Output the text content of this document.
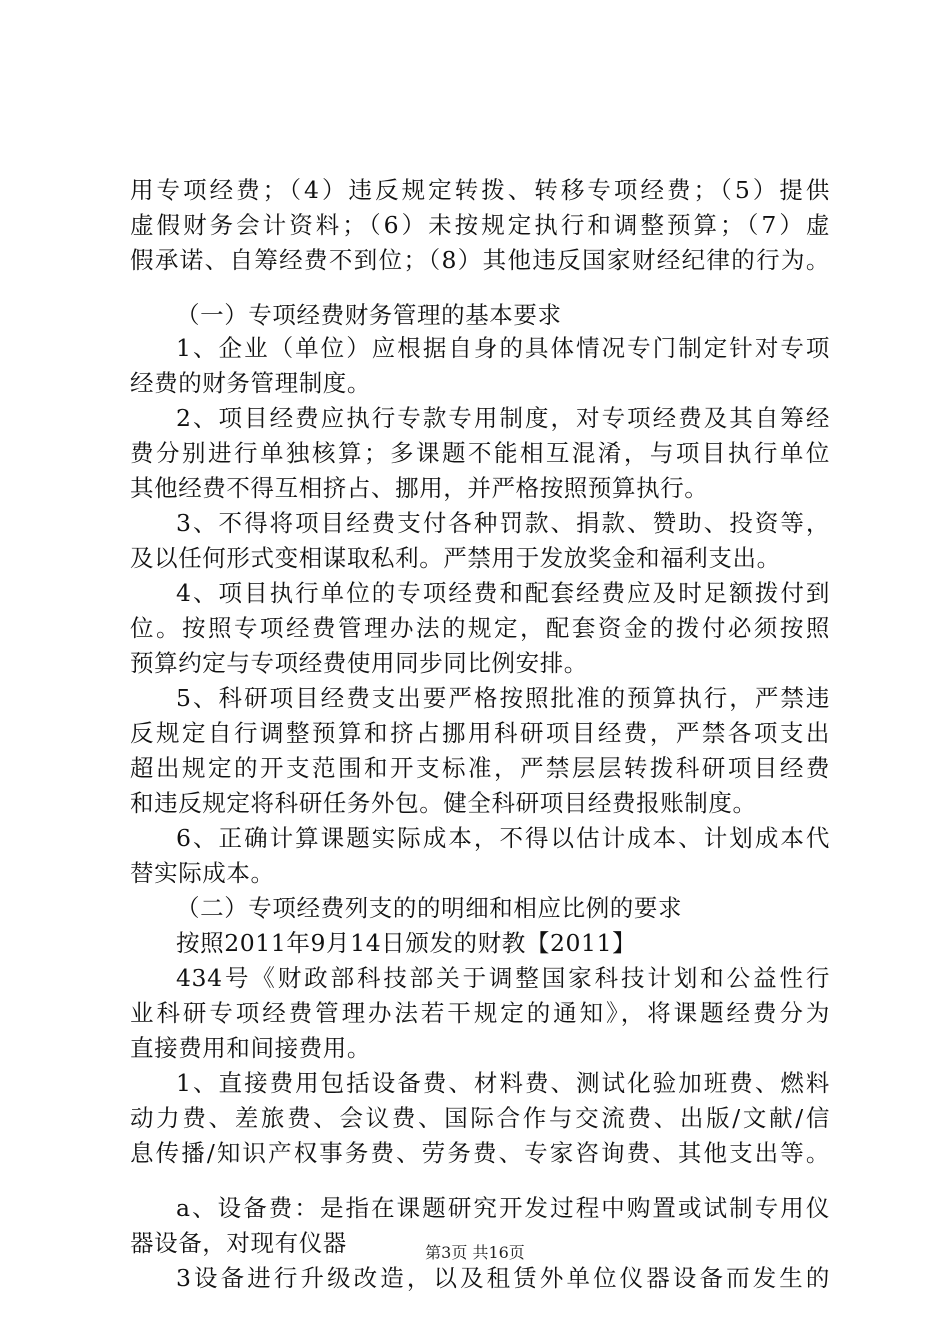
用专项经费；（4）违反规定转拨、转移专项经费；（5）提供
虚假财务会计资料；（6）未按规定执行和调整预算；（7）虚
假承诺、自筹经费不到位；（8）其他违反国家财经纪律的行为。
（一）专项经费财务管理的基本要求
1、企业（单位）应根据自身的具体情况专门制定针对专项
经费的财务管理制度。
2、项目经费应执行专款专用制度，对专项经费及其自筹经
费分别进行单独核算；多课题不能相互混淆，与项目执行单位
其他经费不得互相挤占、挪用，并严格按照预算执行。
3、不得将项目经费支付各种罚款、捐款、赞助、投资等，
及以任何形式变相谋取私利。严禁用于发放奖金和福利支出。
4、项目执行单位的专项经费和配套经费应及时足额拨付到
位。按照专项经费管理办法的规定，配套资金的拨付必须按照
预算约定与专项经费使用同步同比例安排。
5、科研项目经费支出要严格按照批准的预算执行，严禁违
反规定自行调整预算和挤占挪用科研项目经费，严禁各项支出
超出规定的开支范围和开支标准，严禁层层转拨科研项目经费
和违反规定将科研任务外包。健全科研项目经费报账制度。
6、正确计算课题实际成本，不得以估计成本、计划成本代
替实际成本。
（二）专项经费列支的的明细和相应比例的要求
按照2011年9月14日颁发的财教【2011】
434号《财政部科技部关于调整国家科技计划和公益性行
业科研专项经费管理办法若干规定的通知》，将课题经费分为
直接费用和间接费用。
1、直接费用包括设备费、材料费、测试化验加班费、燃料
动力费、差旅费、会议费、国际合作与交流费、出版/文献/信
息传播/知识产权事务费、劳务费、专家咨询费、其他支出等。
a、设备费：是指在课题研究开发过程中购置或试制专用仪
器设备，对现有仪器
3设备进行升级改造，以及租赁外单位仪器设备而发生的
第3页 共16页
